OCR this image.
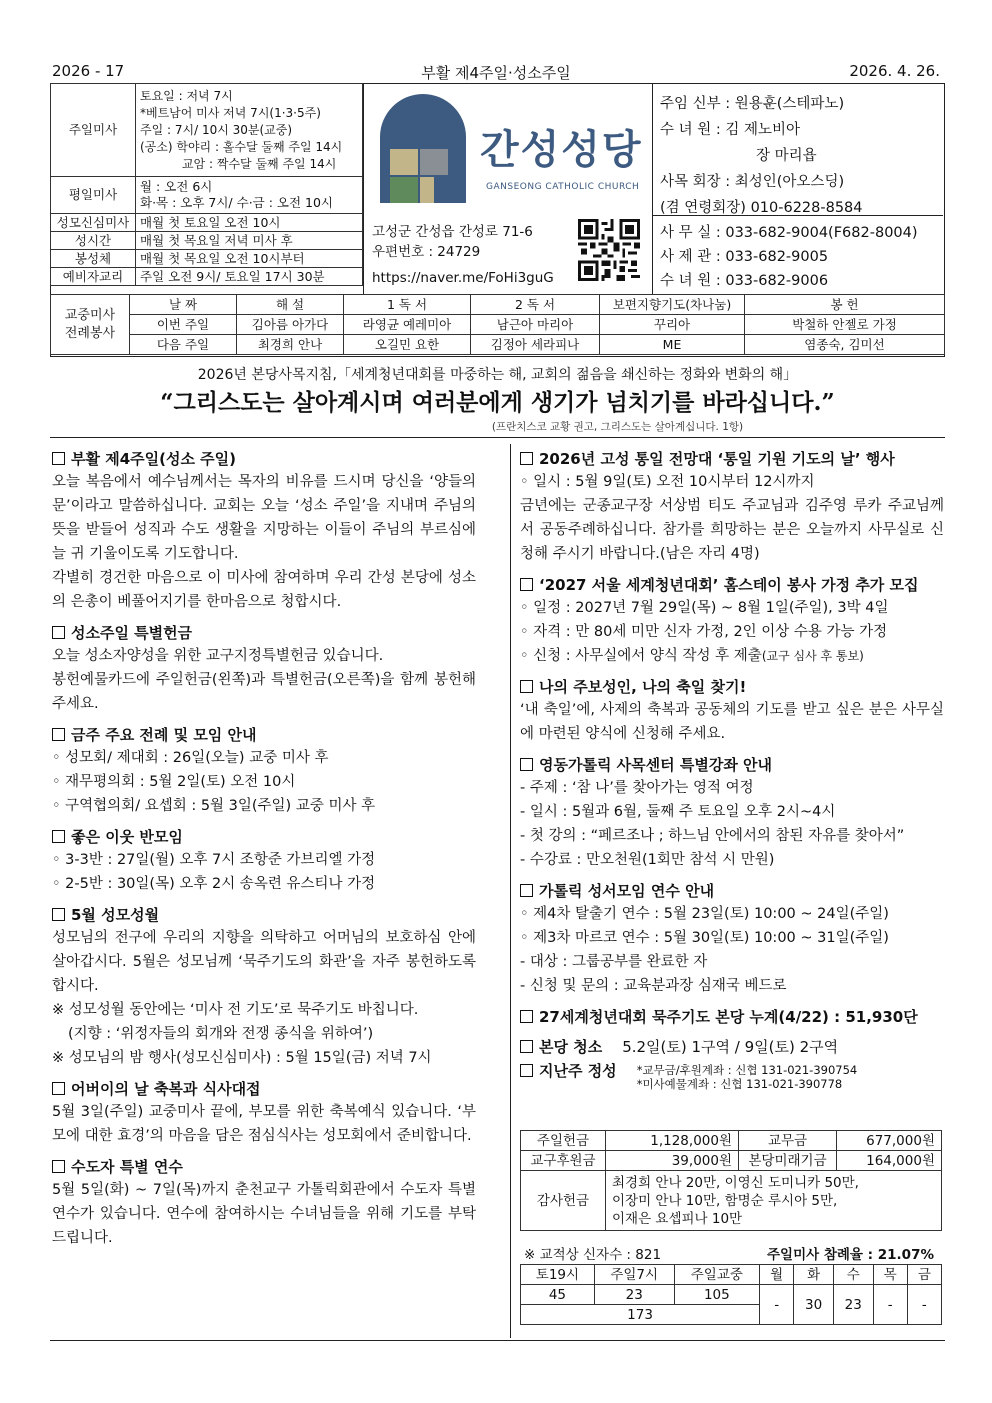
2026 - 17	부활 제4주일·성소주일	2026. 4. 26.
주일미사	토요일 : 저녁 7시
*베트남어 미사 저녁 7시(1·3·5주)
주일 : 7시/ 10시 30분(교중)
(공소) 학야리 : 홀수달 둘째 주일 14시
교암 : 짝수달 둘째 주일 14시

평일미사	월 : 오전 6시
화·목 : 오후 7시/ 수·금 : 오전 10시

성모신심미사	매월 첫 토요일 오전 10시
성시간	매월 첫 목요일 저녁 미사 후
봉성체	매월 첫 목요일 오전 10시부터
예비자교리	주일 오전 9시/ 토요일 17시 30분
간성성당
GANSEONG CATHOLIC CHURCH
고성군 간성읍 간성로 71-6
우편번호 : 24729
https://naver.me/FoHi3guG
주임 신부 : 원용훈(스테파노)
수 녀 원 : 김 제노비아
장 마리욥
사목 회장 : 최성인(아오스딩)
(겸 연령회장) 010-6228-8584
사 무 실 : 033-682-9004(F682-8004)
사 제 관 : 033-682-9005
수 녀 원 : 033-682-9006
교중미사
전례봉사	날 짜	해 설	1 독 서	2 독 서	보편지향기도(차나눔)	봉 헌
	이번 주일	김아름 아가다	라영균 예레미아	남근아 마리아	꾸리아	박철하 안젤로 가정
	다음 주일	최경희 안나	오길민 요한	김정아 세라피나	ME	염종숙, 김미선
2026년 본당사목지침,「세계청년대회를 마중하는 해, 교회의 젊음을 쇄신하는 정화와 변화의 해」
“그리스도는 살아계시며 여러분에게 생기가 넘치기를 바라십니다.”
(프란치스코 교황 권고, 그리스도는 살아계십니다. 1항)
부활 제4주일(성소 주일)
오늘 복음에서 예수님께서는 목자의 비유를 드시며 당신을 ‘양들의 문’이라고 말씀하십니다. 교회는 오늘 ‘성소 주일’을 지내며 주님의 뜻을 받들어 성직과 수도 생활을 지망하는 이들이 주님의 부르심에 늘 귀 기울이도록 기도합니다.
각별히 경건한 마음으로 이 미사에 참여하며 우리 간성 본당에 성소의 은총이 베풀어지기를 한마음으로 청합시다.
성소주일 특별헌금
오늘 성소자양성을 위한 교구지정특별헌금 있습니다.
봉헌예물카드에 주일헌금(왼쪽)과 특별헌금(오른쪽)을 함께 봉헌해주세요.
금주 주요 전례 및 모임 안내
◦ 성모회/ 제대회 : 26일(오늘) 교중 미사 후
◦ 재무평의회 : 5월 2일(토) 오전 10시
◦ 구역협의회/ 요셉회 : 5월 3일(주일) 교중 미사 후
좋은 이웃 반모임
◦ 3-3반 : 27일(월) 오후 7시 조항준 가브리엘 가정
◦ 2-5반 : 30일(목) 오후 2시 송옥련 유스티나 가정
5월 성모성월
성모님의 전구에 우리의 지향을 의탁하고 어머님의 보호하심 안에 살아갑시다. 5월은 성모님께 ‘묵주기도의 화관’을 자주 봉헌하도록 합시다.
※ 성모성월 동안에는 ‘미사 전 기도’로 묵주기도 바칩니다.
(지향 : ‘위정자들의 회개와 전쟁 종식을 위하여’)
※ 성모님의 밤 행사(성모신심미사) : 5월 15일(금) 저녁 7시
어버이의 날 축복과 식사대접
5월 3일(주일) 교중미사 끝에, 부모를 위한 축복예식 있습니다. ‘부모에 대한 효경’의 마음을 담은 점심식사는 성모회에서 준비합니다.
수도자 특별 연수
5월 5일(화) ~ 7일(목)까지 춘천교구 가톨릭회관에서 수도자 특별 연수가 있습니다. 연수에 참여하시는 수녀님들을 위해 기도를 부탁드립니다.
2026년 고성 통일 전망대 ‘통일 기원 기도의 날’ 행사
◦ 일시 : 5월 9일(토) 오전 10시부터 12시까지
금년에는 군종교구장 서상범 티도 주교님과 김주영 루카 주교님께서 공동주례하십니다. 참가를 희망하는 분은 오늘까지 사무실로 신청해 주시기 바랍니다.(남은 자리 4명)
‘2027 서울 세계청년대회’ 홈스테이 봉사 가정 추가 모집
◦ 일정 : 2027년 7월 29일(목) ~ 8월 1일(주일), 3박 4일
◦ 자격 : 만 80세 미만 신자 가정, 2인 이상 수용 가능 가정
◦ 신청 : 사무실에서 양식 작성 후 제출(교구 심사 후 통보)
나의 주보성인, 나의 축일 찾기!
‘내 축일’에, 사제의 축복과 공동체의 기도를 받고 싶은 분은 사무실에 마련된 양식에 신청해 주세요.
영동가톨릭 사목센터 특별강좌 안내
- 주제 : ‘참 나’를 찾아가는 영적 여정
- 일시 : 5월과 6월, 둘째 주 토요일 오후 2시~4시
- 첫 강의 : “페르조나 ; 하느님 안에서의 참된 자유를 찾아서”
- 수강료 : 만오천원(1회만 참석 시 만원)
가톨릭 성서모임 연수 안내
◦ 제4차 탈출기 연수 : 5월 23일(토) 10:00 ~ 24일(주일)
◦ 제3차 마르코 연수 : 5월 30일(토) 10:00 ~ 31일(주일)
- 대상 : 그룹공부를 완료한 자
- 신청 및 문의 : 교육분과장 심재국 베드로
27세계청년대회 묵주기도 본당 누계(4/22) : 51,930단
본당 청소 5.2일(토) 1구역 / 9일(토) 2구역
지난주 정성 *교무금/후원계좌 : 신협 131-021-390754
*미사예물계좌 : 신협 131-021-390778
주일헌금	1,128,000원	교무금	677,000원
교구후원금	39,000원	본당미래기금	164,000원
감사헌금	최경희 안나 20만, 이영신 도미니카 50만,
이장미 안나 10만, 함명순 루시아 5만,
이재은 요셉피나 10만		
※ 교적상 신자수 : 821	주일미사 참례율 : 21.07%
토19시	주일7시	주일교중	월	화	수	목	금
45	23	105	-	30	23	-	-
173							
